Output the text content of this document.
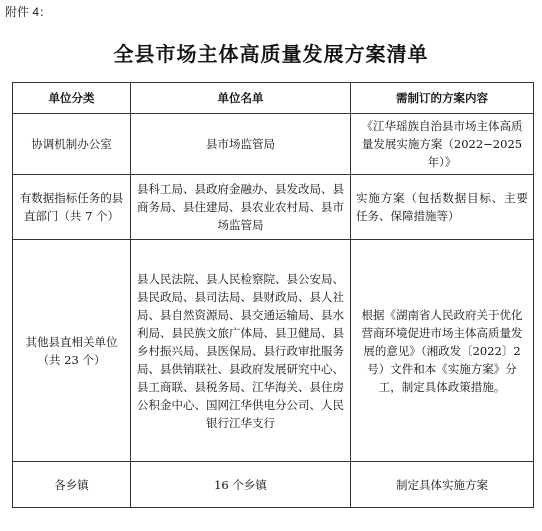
附件 4：
全县市场主体高质量发展方案清单
单位分类	单位名单	需制订的方案内容
协调机制办公室	县市场监管局	《江华瑶族自治县市场主体高质量发展实施方案（2022−2025 年）》
有数据指标任务的县直部门（共 7 个）	县科工局、县政府金融办、县发改局、县商务局、县住建局、县农业农村局、县市场监管局	实施方案（包括数据目标、主要任务、保障措施等）
其他县直相关单位（共 23 个）	县人民法院、县人民检察院、县公安局、县民政局、县司法局、县财政局、县人社局、县自然资源局、县交通运输局、县水利局、县民族文旅广体局、县卫健局、县乡村振兴局、县医保局、县行政审批服务局、县供销联社、县政府发展研究中心、县工商联、县税务局、江华海关、县住房公积金中心、国网江华供电分公司、人民银行江华支行	根据《湖南省人民政府关于优化营商环境促进市场主体高质量发展的意见》（湘政发〔2022〕2 号）文件和本《实施方案》分工，制定具体政策措施。
各乡镇	16 个乡镇	制定具体实施方案
